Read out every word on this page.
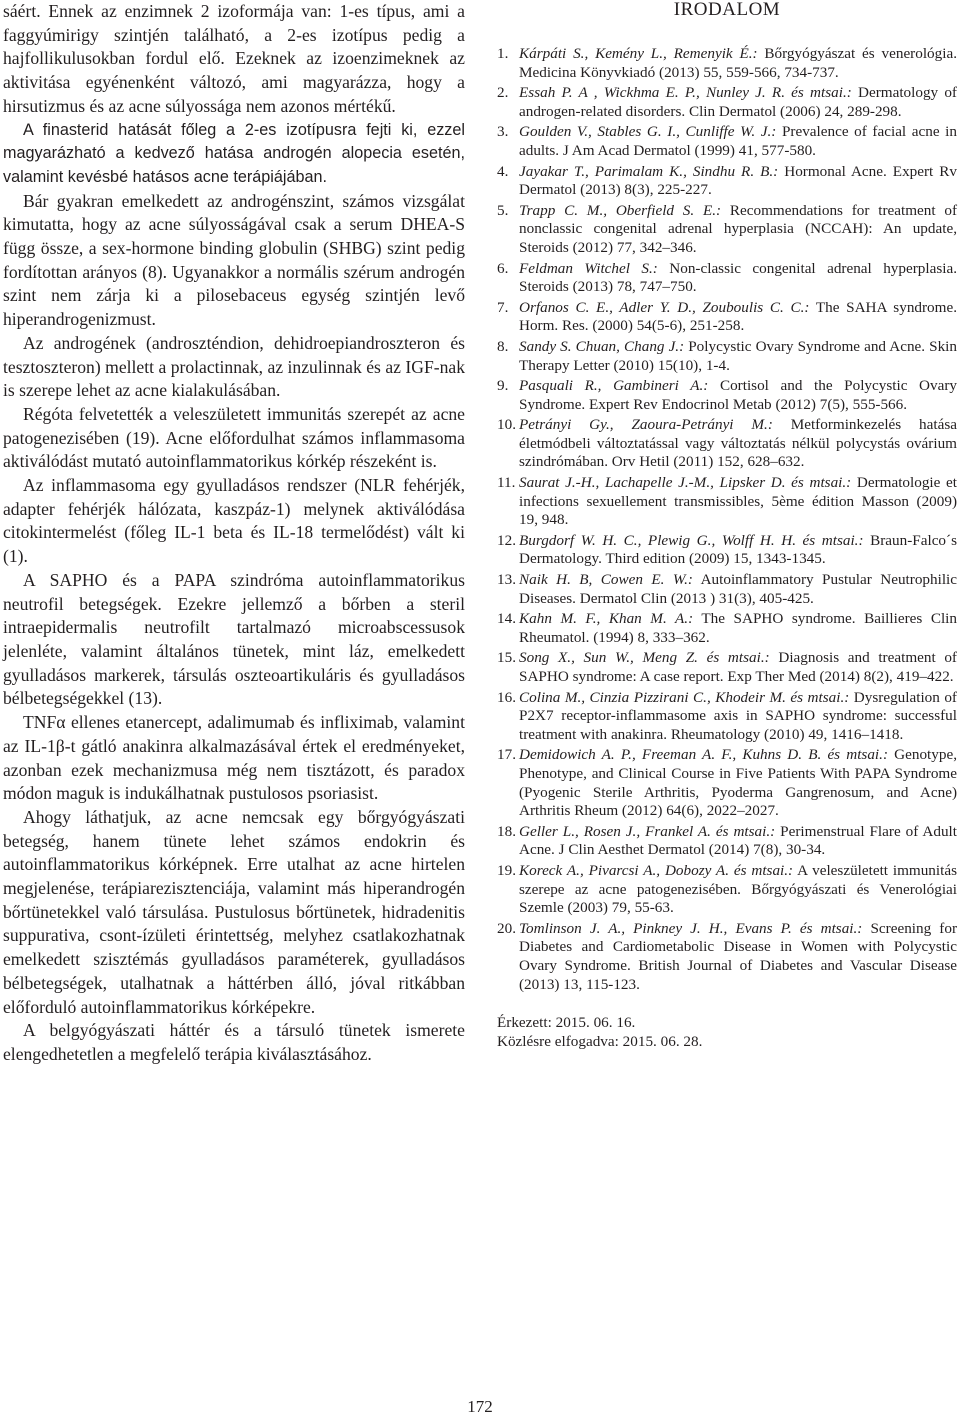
sáért. Ennek az enzimnek 2 izoformája van: 1-es típus, ami a faggyúmirigy szintjén található, a 2-es izotípus pedig a hajfollikulusokban fordul elő. Ezeknek az izoenzimeknek az aktivitása egyénenként változó, ami magyarázza, hogy a hirsutizmus és az acne súlyossága nem azonos mértékű.

A finasterid hatását főleg a 2-es izotípusra fejti ki, ezzel magyarázható a kedvező hatása androgén alopecia esetén, valamint kevésbé hatásos acne terápiájában.

Bár gyakran emelkedett az androgénszint, számos vizsgálat kimutatta, hogy az acne súlyosságával csak a serum DHEA-S függ össze, a sex-hormone binding globulin (SHBG) szint pedig fordítottan arányos (8). Ugyanakkor a normális szérum androgén szint nem zárja ki a pilosebaceus egység szintjén levő hiperandrogenizmust.

Az androgének (androszténdion, dehidroepiandroszteron és tesztoszteron) mellett a prolactinnak, az inzulinnak és az IGF-nak is szerepe lehet az acne kialakulásában.

Régóta felvetették a veleszületett immunitás szerepét az acne patogenezisében (19). Acne előfordulhat számos inflammasoma aktiválódást mutató autoinflammatorikus kórkép részeként is.

Az inflammasoma egy gyulladásos rendszer (NLR fehérjék, adapter fehérjék hálózata, kaszpáz-1) melynek aktiválódása citokintermelést (főleg IL-1 beta és IL-18 termelődést) vált ki (1).

A SAPHO és a PAPA szindróma autoinflammatorikus neutrofil betegségek. Ezekre jellemző a bőrben a steril intraepidermalis neutrofilt tartalmazó microabscessusok jelenléte, valamint általános tünetek, mint láz, emelkedett gyulladásos markerek, társulás oszteoartikuláris és gyulladásos bélbetegségekkel (13).

TNFα ellenes etanercept, adalimumab és infliximab, valamint az IL-1β-t gátló anakinra alkalmazásával értek el eredményeket, azonban ezek mechanizmusa még nem tisztázott, és paradox módon maguk is indukálhatnak pustulosos psoriasist.

Ahogy láthatjuk, az acne nemcsak egy bőrgyógyászati betegség, hanem tünete lehet számos endokrin és autoinflammatorikus kórképnek. Erre utalhat az acne hirtelen megjelenése, terápiarezisztenciája, valamint más hiperandrogén bőrtünetekkel való társulása. Pustulosus bőrtünetek, hidradenitis suppurativa, csont-ízületi érintettség, melyhez csatlakozhatnak emelkedett szisztémás gyulladásos paraméterek, gyulladásos bélbetegségek, utalhatnak a háttérben álló, jóval ritkábban előforduló autoinflammatorikus kórképekre.

A belgyógyászati háttér és a társuló tünetek ismerete elengedhetetlen a megfelelő terápia kiválasztásához.

IRODALOM
1. Kárpáti S., Kemény L., Remenyik É.: Bőrgyógyászat és venerológia. Medicina Könyvkiadó (2013) 55, 559-566, 734-737.
2. Essah P. A , Wickhma E. P., Nunley J. R. és mtsai.: Dermatology of androgen-related disorders. Clin Dermatol (2006) 24, 289-298.
3. Goulden V., Stables G. I., Cunliffe W. J.: Prevalence of facial acne in adults. J Am Acad Dermatol (1999) 41, 577-580.
4. Jayakar T., Parimalam K., Sindhu R. B.: Hormonal Acne. Expert Rv Dermatol (2013) 8(3), 225-227.
5. Trapp C. M., Oberfield S. E.: Recommendations for treatment of nonclassic congenital adrenal hyperplasia (NCCAH): An update, Steroids (2012) 77, 342–346.
6. Feldman Witchel S.: Non-classic congenital adrenal hyperplasia. Steroids (2013) 78, 747–750.
7. Orfanos C. E., Adler Y. D., Zouboulis C. C.: The SAHA syndrome. Horm. Res. (2000) 54(5-6), 251-258.
8. Sandy S. Chuan, Chang J.: Polycystic Ovary Syndrome and Acne. Skin Therapy Letter (2010) 15(10), 1-4.
9. Pasquali R., Gambineri A.: Cortisol and the Polycystic Ovary Syndrome. Expert Rev Endocrinol Metab (2012) 7(5), 555-566.
10. Petrányi Gy., Zaoura-Petrányi M.: Metforminkezelés hatása életmódbeli változtatással vagy változtatás nélkül polycystás ovárium szindrómában. Orv Hetil (2011) 152, 628–632.
11. Saurat J.-H., Lachapelle J.-M., Lipsker D. és mtsai.: Dermatologie et infections sexuellement transmissibles, 5ème édition Masson (2009) 19, 948.
12. Burgdorf W. H. C., Plewig G., Wolff H. H. és mtsai.: Braun-Falco´s Dermatology. Third edition (2009) 15, 1343-1345.
13. Naik H. B, Cowen E. W.: Autoinflammatory Pustular Neutrophilic Diseases. Dermatol Clin (2013 ) 31(3), 405-425.
14. Kahn M. F., Khan M. A.: The SAPHO syndrome. Baillieres Clin Rheumatol. (1994) 8, 333–362.
15. Song X., Sun W., Meng Z. és mtsai.: Diagnosis and treatment of SAPHO syndrome: A case report. Exp Ther Med (2014) 8(2), 419–422.
16. Colina M., Cinzia Pizzirani C., Khodeir M. és mtsai.: Dysregulation of P2X7 receptor-inflammasome axis in SAPHO syndrome: successful treatment with anakinra. Rheumatology (2010) 49, 1416–1418.
17. Demidowich A. P., Freeman A. F., Kuhns D. B. és mtsai.: Genotype, Phenotype, and Clinical Course in Five Patients With PAPA Syndrome (Pyogenic Sterile Arthritis, Pyoderma Gangrenosum, and Acne) Arthritis Rheum (2012) 64(6), 2022–2027.
18. Geller L., Rosen J., Frankel A. és mtsai.: Perimenstrual Flare of Adult Acne. J Clin Aesthet Dermatol (2014) 7(8), 30-34.
19. Koreck A., Pivarcsi A., Dobozy A. és mtsai.: A veleszületett immunitás szerepe az acne patogenezisében. Bőrgyógyászati és Venerológiai Szemle (2003) 79, 55-63.
20. Tomlinson J. A., Pinkney J. H., Evans P. és mtsai.: Screening for Diabetes and Cardiometabolic Disease in Women with Polycystic Ovary Syndrome. British Journal of Diabetes and Vascular Disease (2013) 13, 115-123.
Érkezett: 2015. 06. 16.
Közlésre elfogadva: 2015. 06. 28.
172
